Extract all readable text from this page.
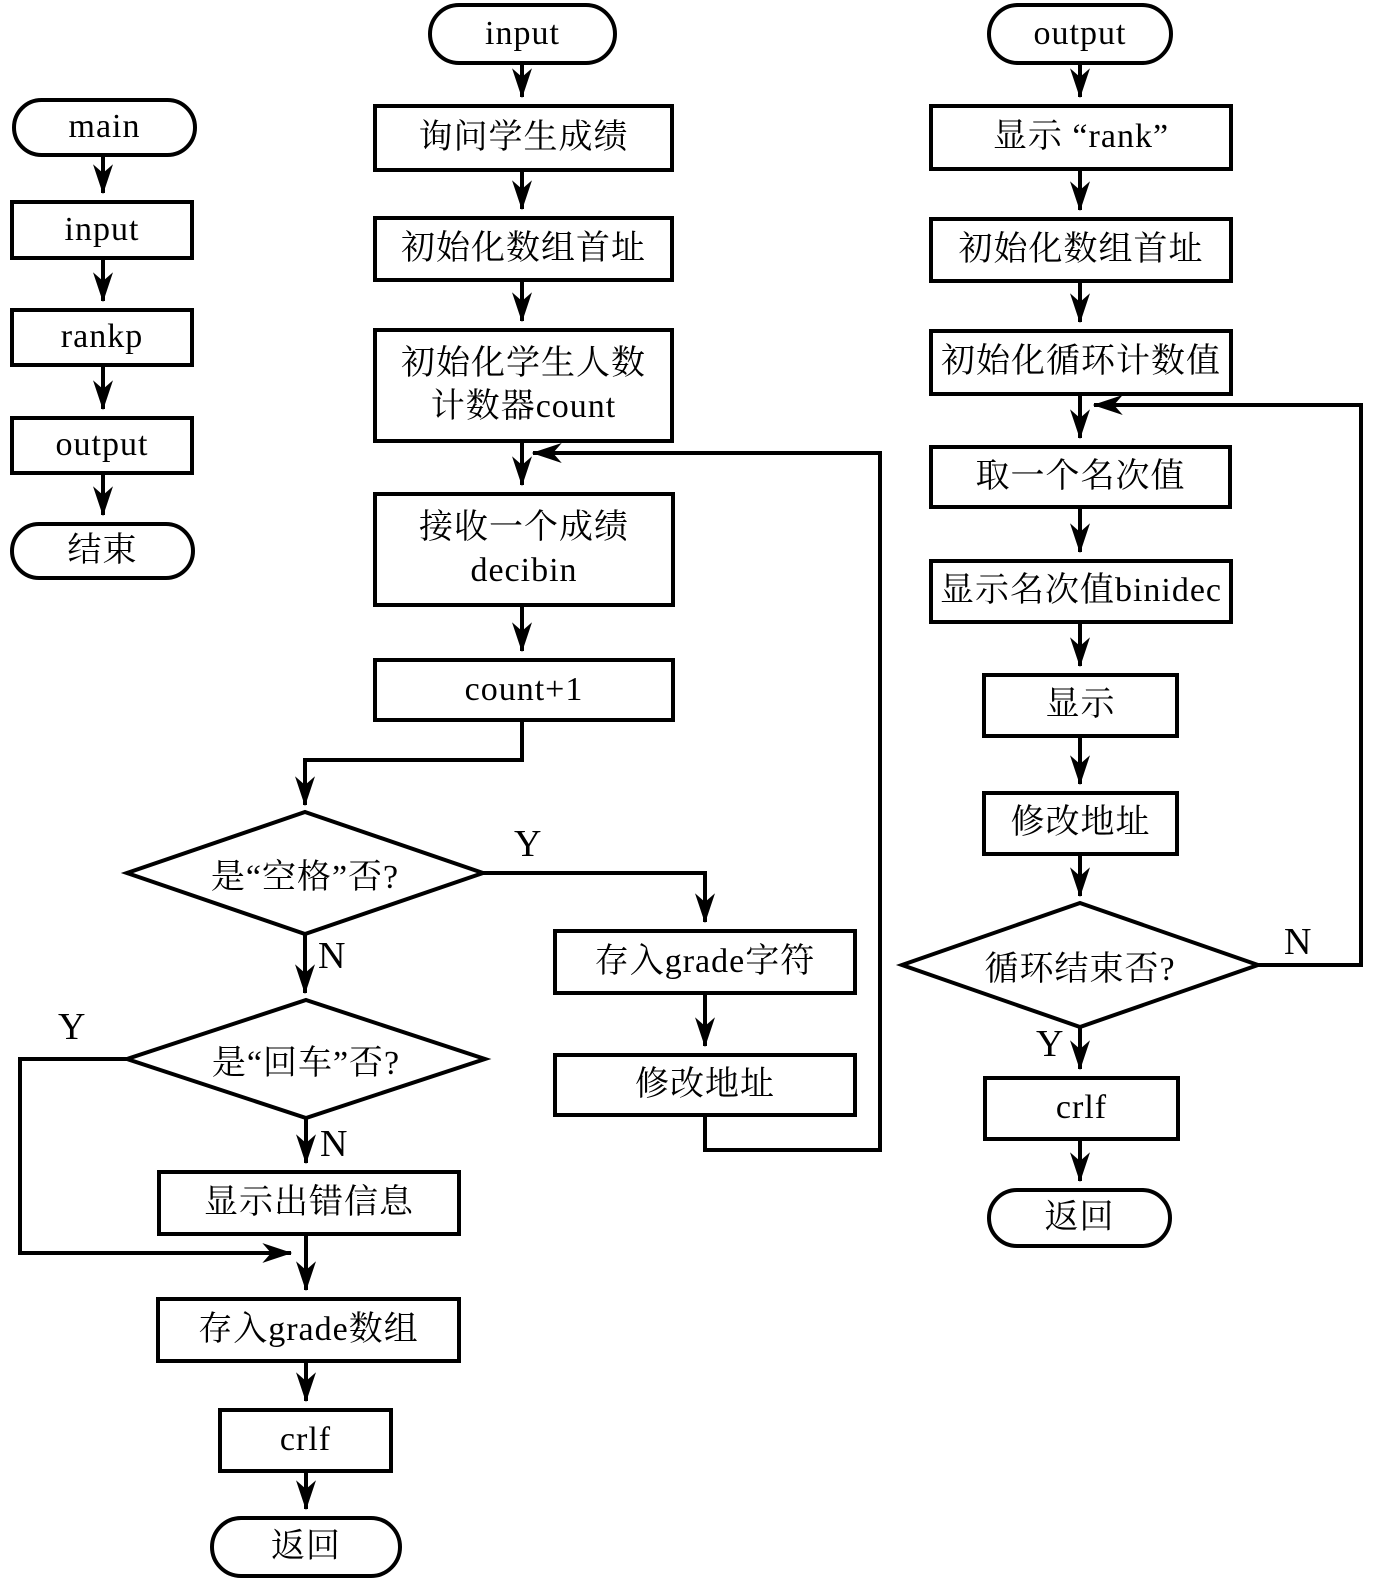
main
input
rankp
output
结束
input
询问学生成绩
初始化数组首址
初始化学生人数
计数器count
接收一个成绩
decibin
count+1
是“空格”否?
是“回车”否?
存入grade字符
修改地址
显示出错信息
存入grade数组
crlf
返回
Y
N
Y
N
output
显示 “rank”
初始化数组首址
初始化循环计数值
取一个名次值
显示名次值binidec
显示
修改地址
循环结束否?
crlf
返回
N
Y
